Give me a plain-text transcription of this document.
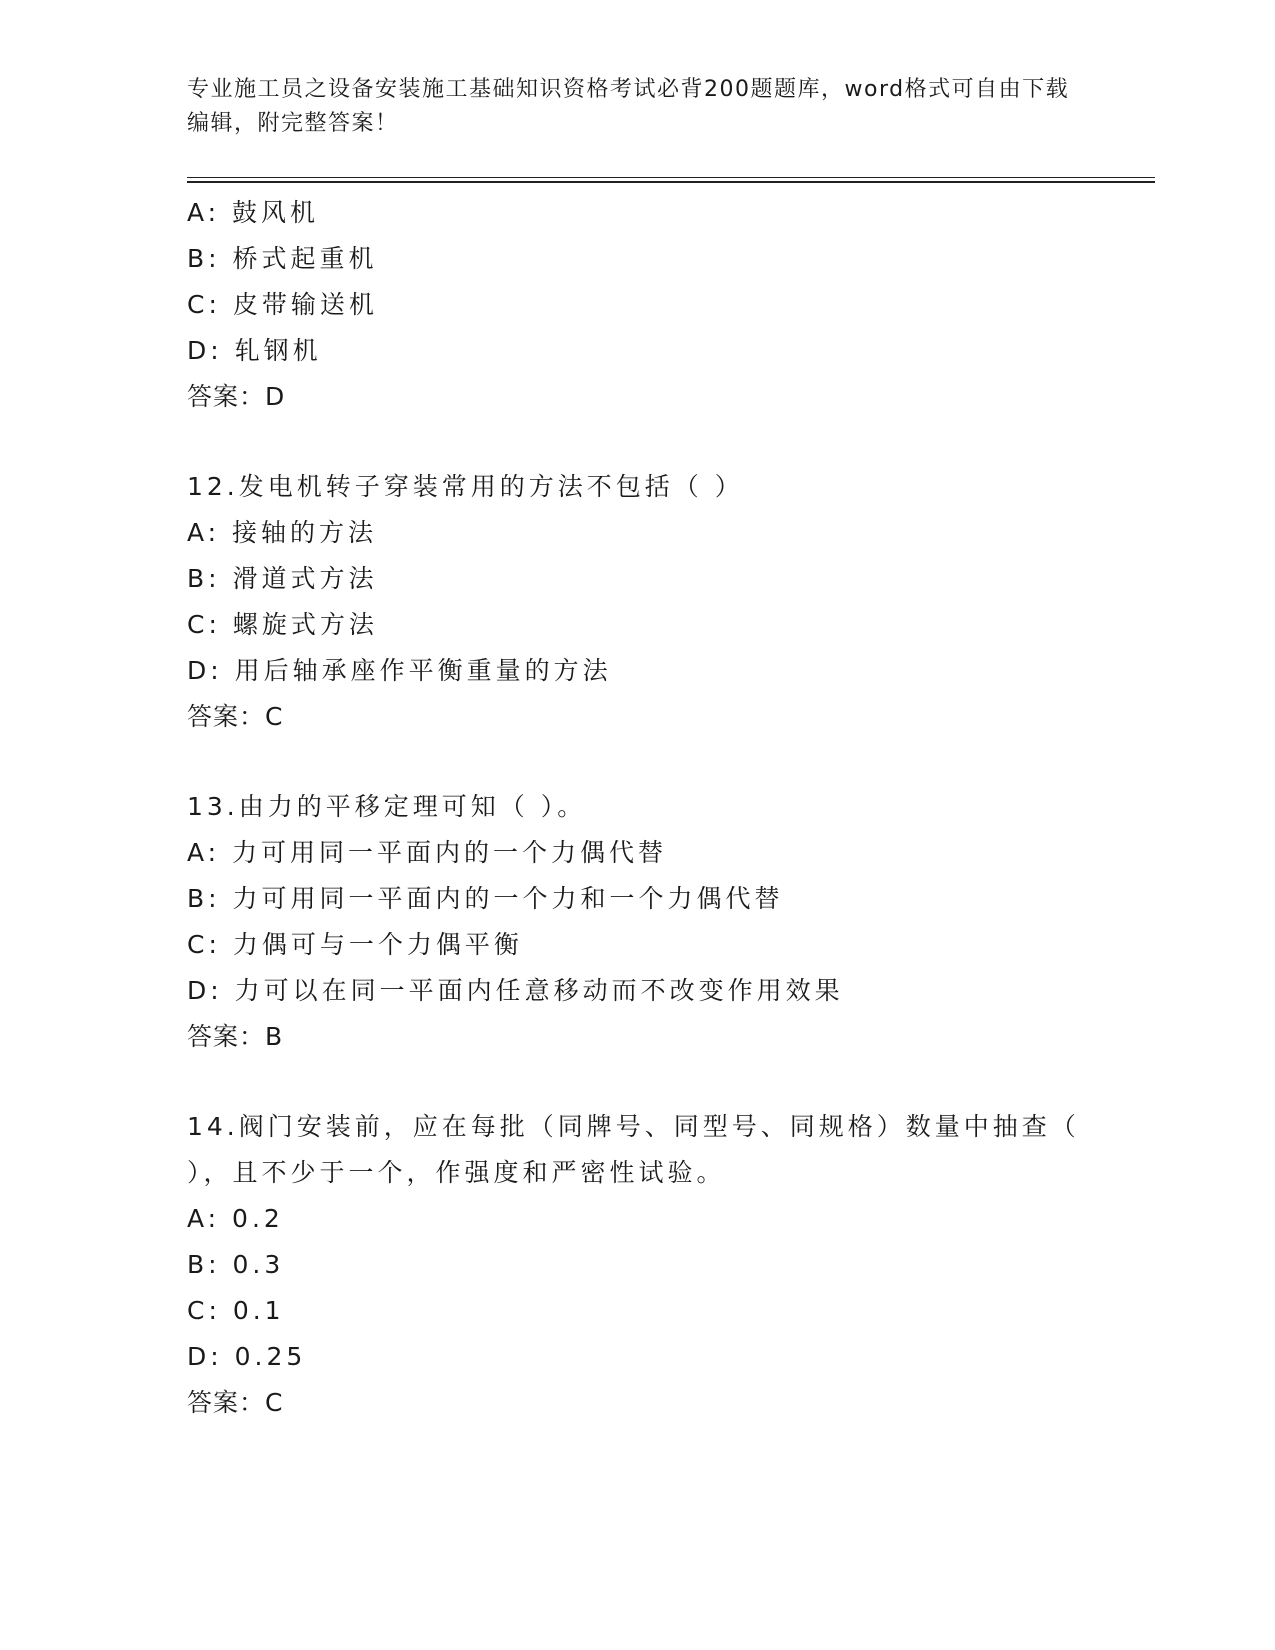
专业施工员之设备安装施工基础知识资格考试必背200题题库，word格式可自由下载编辑，附完整答案！
A: 鼓风机
B: 桥式起重机
C: 皮带输送机
D: 轧钢机
答案：D
12.发电机转子穿装常用的方法不包括（ ）
A: 接轴的方法
B: 滑道式方法
C: 螺旋式方法
D: 用后轴承座作平衡重量的方法
答案：C
13.由力的平移定理可知（ ）。
A: 力可用同一平面内的一个力偶代替
B: 力可用同一平面内的一个力和一个力偶代替
C: 力偶可与一个力偶平衡
D: 力可以在同一平面内任意移动而不改变作用效果
答案：B
14.阀门安装前，应在每批（同牌号、同型号、同规格）数量中抽查（ ），且不少于一个，作强度和严密性试验。
A: 0.2
B: 0.3
C: 0.1
D: 0.25
答案：C
